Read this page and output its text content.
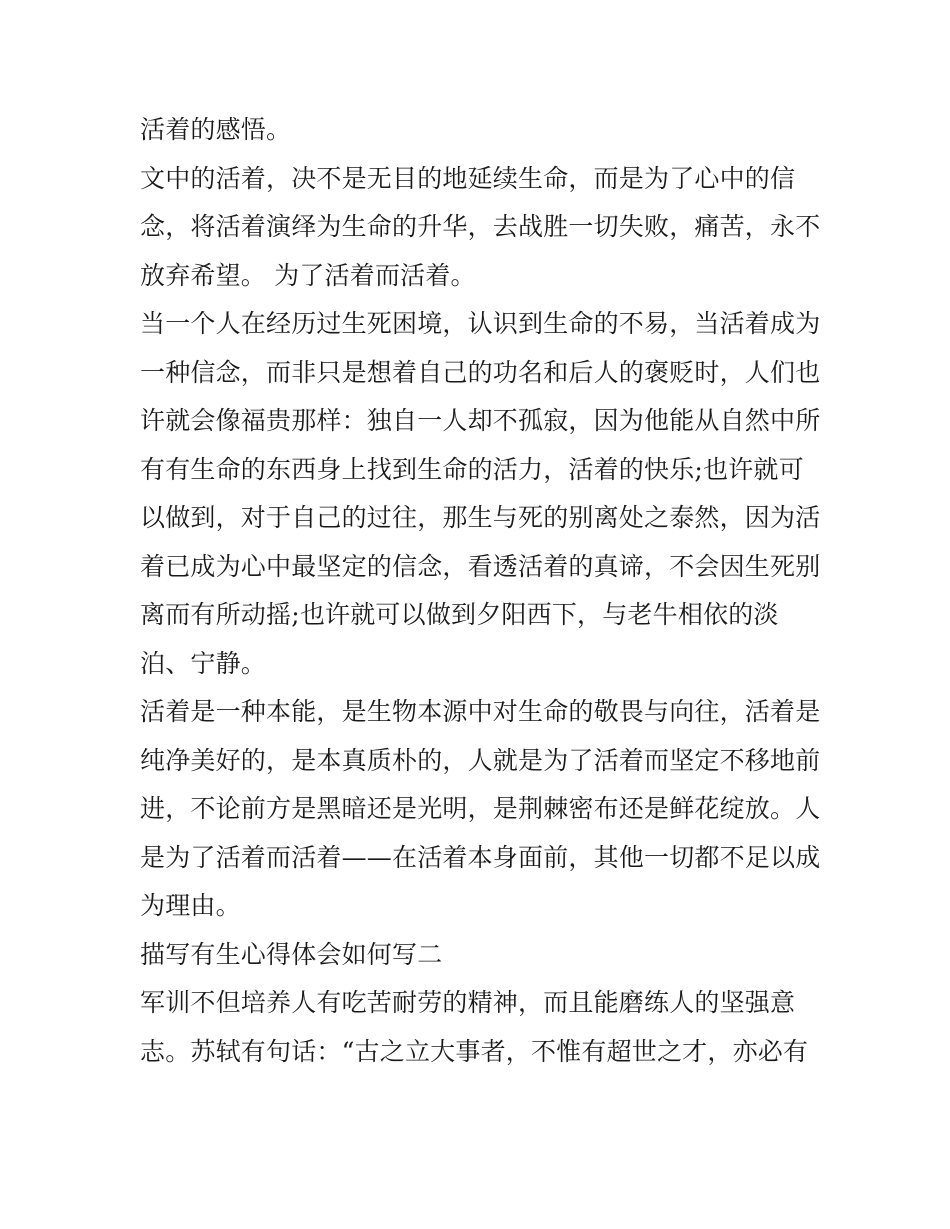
活着的感悟。
文中的活着，决不是无目的地延续生命，而是为了心中的信
念，将活着演绎为生命的升华，去战胜一切失败，痛苦，永不
放弃希望。 为了活着而活着。
当一个人在经历过生死困境，认识到生命的不易，当活着成为
一种信念，而非只是想着自己的功名和后人的褒贬时，人们也
许就会像福贵那样：独自一人却不孤寂，因为他能从自然中所
有有生命的东西身上找到生命的活力，活着的快乐;也许就可
以做到，对于自己的过往，那生与死的别离处之泰然，因为活
着已成为心中最坚定的信念，看透活着的真谛，不会因生死别
离而有所动摇;也许就可以做到夕阳西下，与老牛相依的淡
泊、宁静。
活着是一种本能，是生物本源中对生命的敬畏与向往，活着是
纯净美好的，是本真质朴的，人就是为了活着而坚定不移地前
进，不论前方是黑暗还是光明，是荆棘密布还是鲜花绽放。人
是为了活着而活着——在活着本身面前，其他一切都不足以成
为理由。
描写有生心得体会如何写二
军训不但培养人有吃苦耐劳的精神，而且能磨练人的坚强意
志。苏轼有句话：“古之立大事者，不惟有超世之才，亦必有
